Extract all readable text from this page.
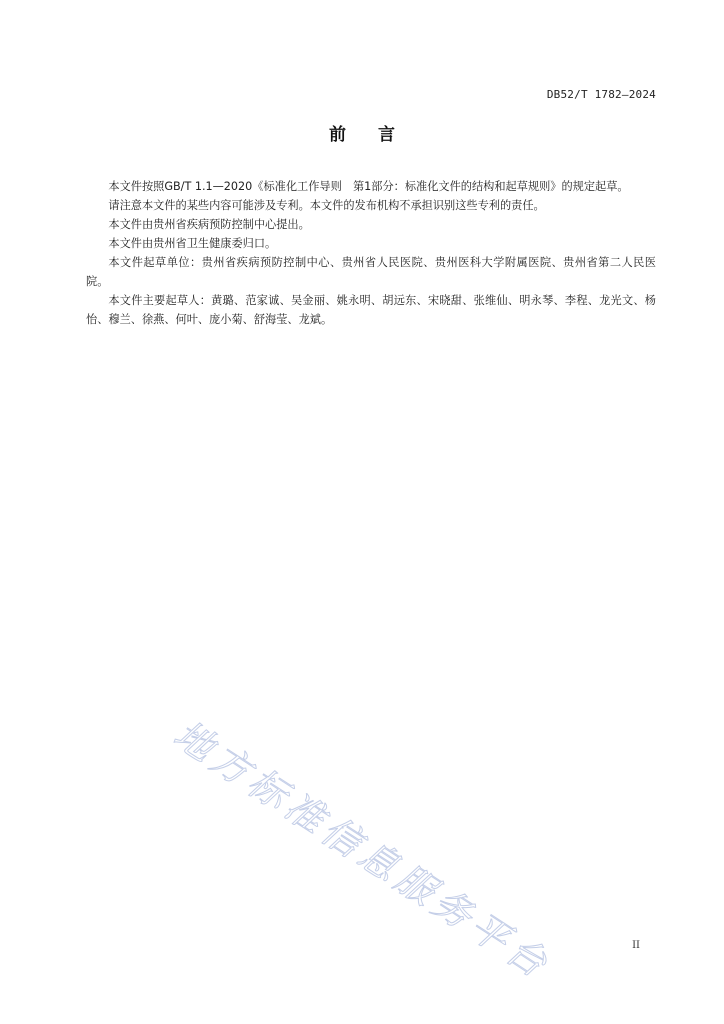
DB52/T 1782—2024
前言

本文件按照GB/T 1.1—2020《标准化工作导则　第1部分：标准化文件的结构和起草规则》的规定起草。

请注意本文件的某些内容可能涉及专利。本文件的发布机构不承担识别这些专利的责任。

本文件由贵州省疾病预防控制中心提出。

本文件由贵州省卫生健康委归口。

本文件起草单位：贵州省疾病预防控制中心、贵州省人民医院、贵州医科大学附属医院、贵州省第二人民医院。

本文件主要起草人：黄璐、范家诚、吴金丽、姚永明、胡远东、宋晓甜、张维仙、明永琴、李程、龙光文、杨怡、穆兰、徐燕、何叶、庞小菊、舒海莹、龙斌。

地方标准信息服务平台	II
